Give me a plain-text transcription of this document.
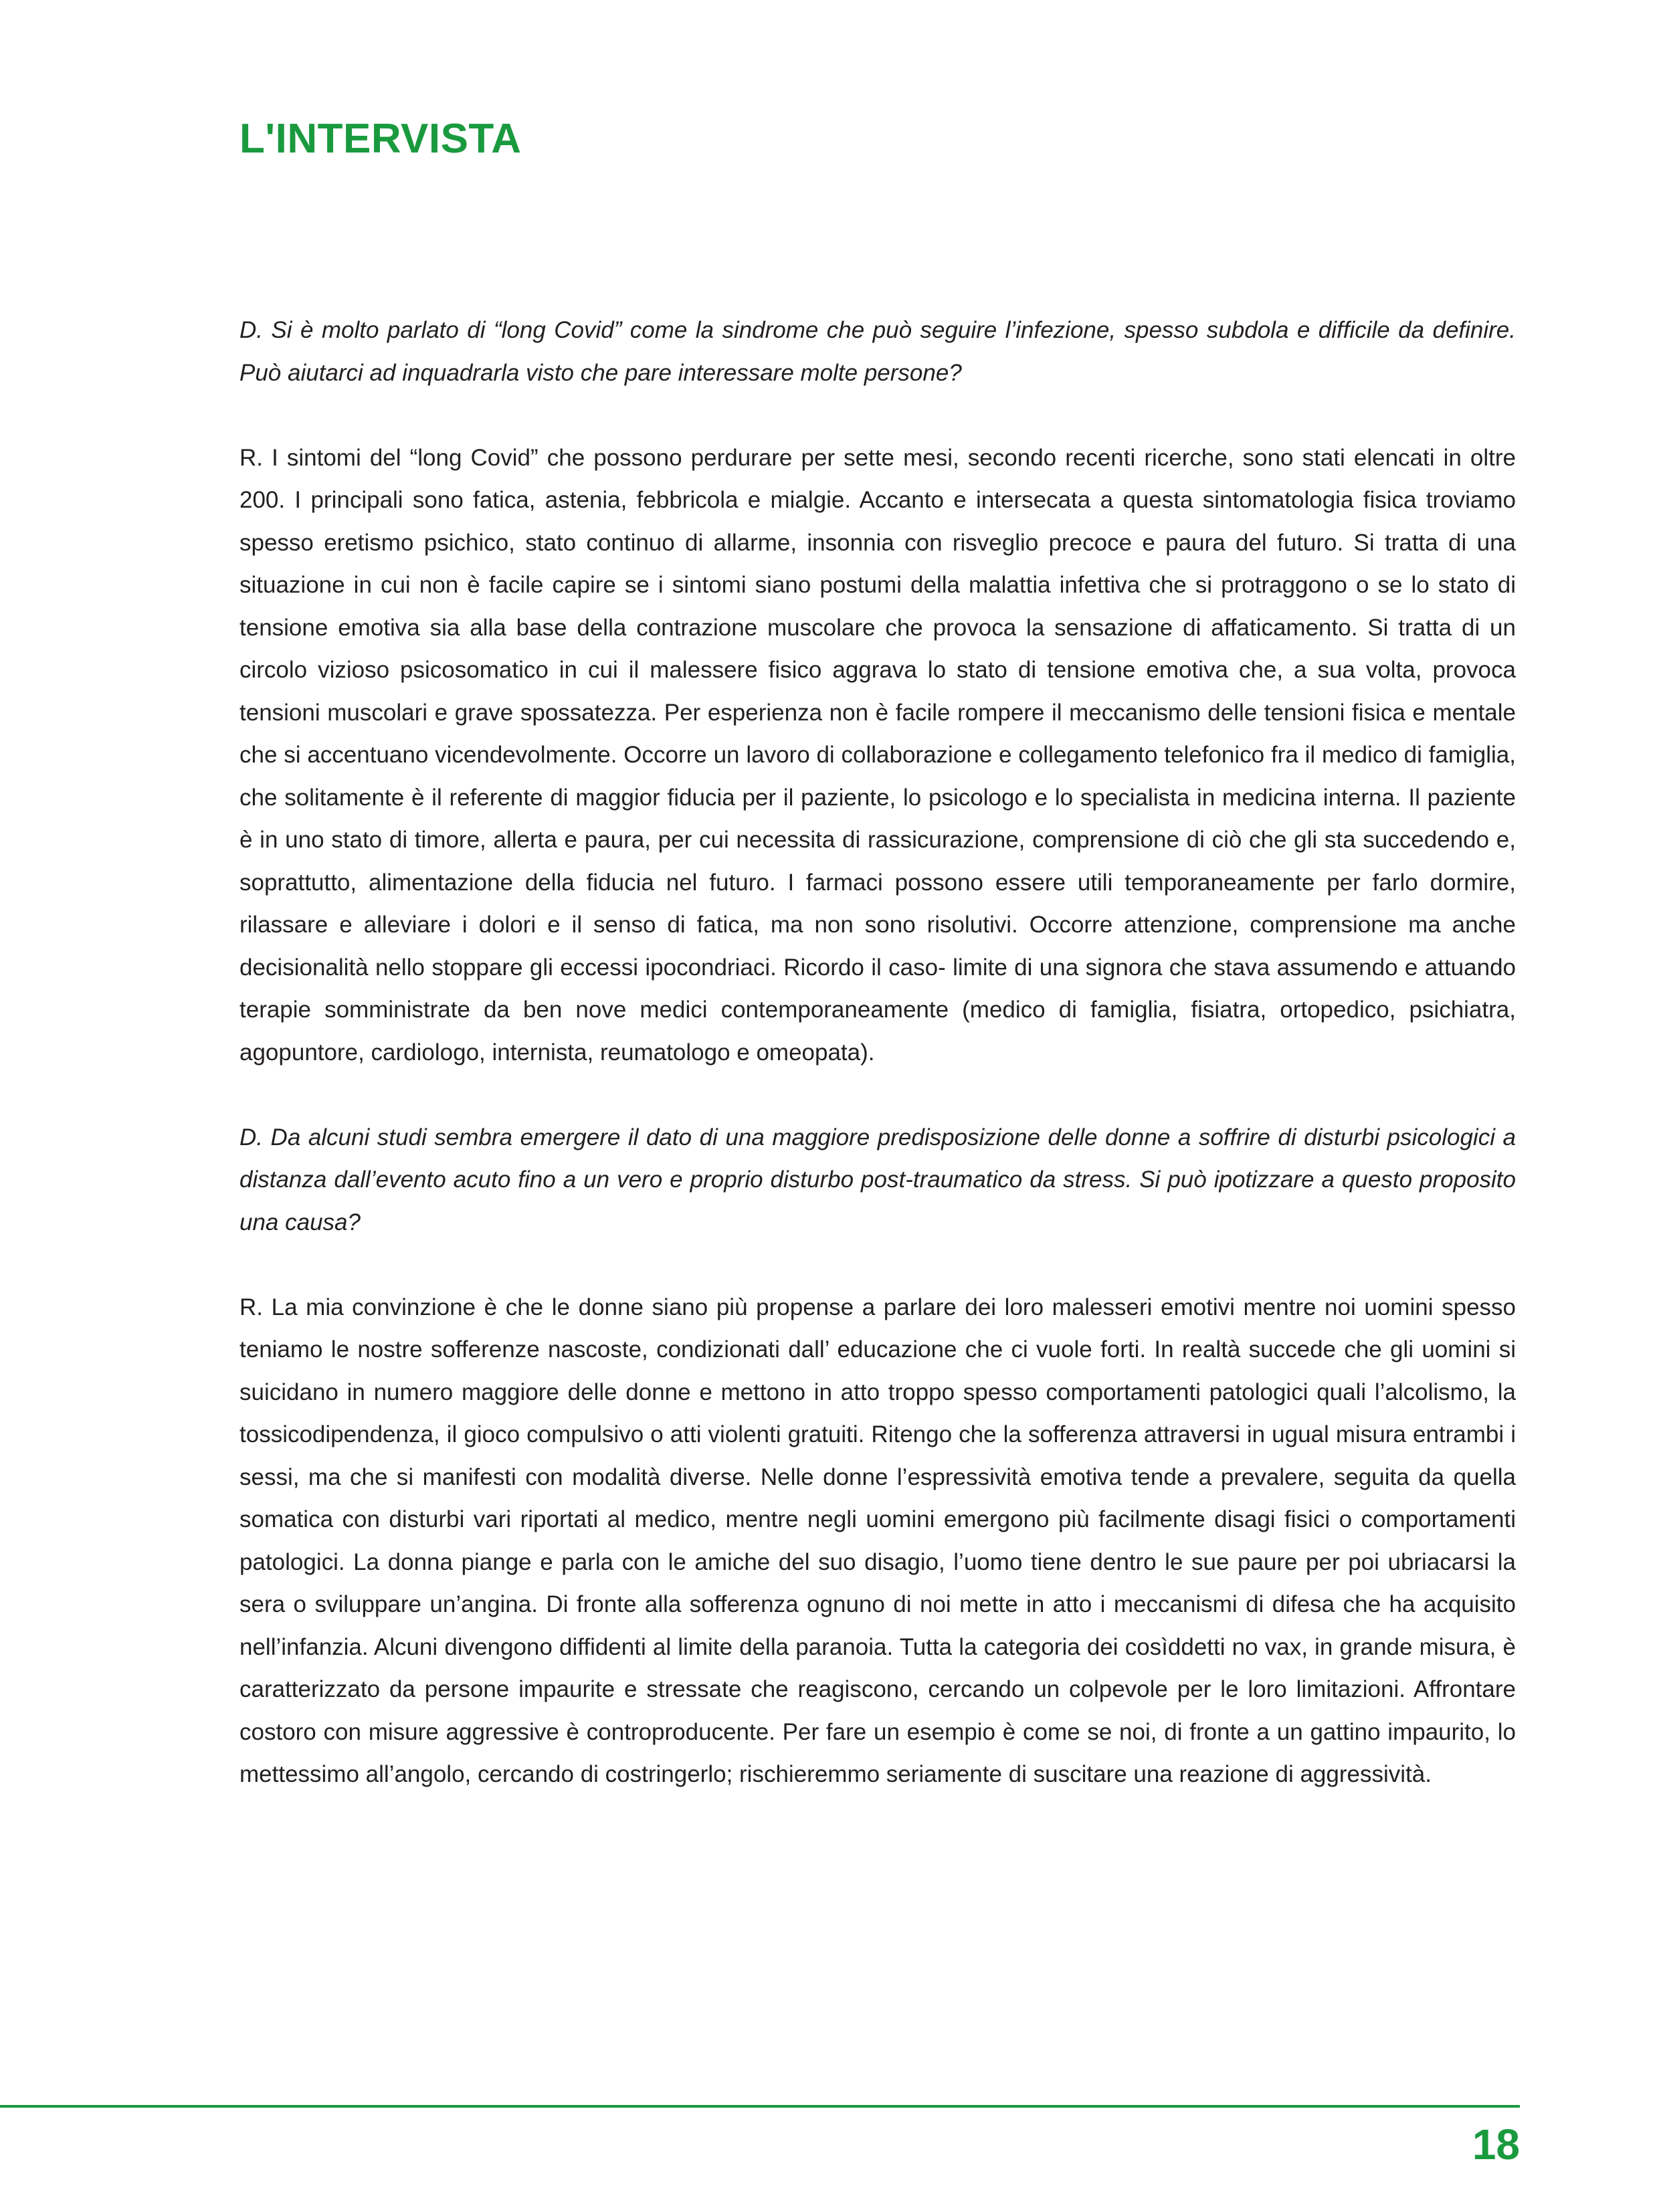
L'INTERVISTA

D. Si è molto parlato di “long Covid” come la sindrome che può seguire l’infezione, spesso subdola e difficile da definire. Può aiutarci ad inquadrarla visto che pare interessare molte persone?

R. I sintomi del “long Covid” che possono perdurare per sette mesi, secondo recenti ricerche, sono stati elencati in oltre 200. I principali sono fatica, astenia, febbricola e mialgie. Accanto e intersecata a questa sintomatologia fisica troviamo spesso eretismo psichico, stato continuo di allarme, insonnia con risveglio precoce e paura del futuro. Si tratta di una situazione in cui non è facile capire se i sintomi siano postumi della malattia infettiva che si protraggono o se lo stato di tensione emotiva sia alla base della contrazione muscolare che provoca la sensazione di affaticamento. Si tratta di un circolo vizioso psicosomatico in cui il malessere fisico aggrava lo stato di tensione emotiva che, a sua volta, provoca tensioni muscolari e grave spossatezza. Per esperienza non è facile rompere il meccanismo delle tensioni fisica e mentale che si accentuano vicendevolmente. Occorre un lavoro di collaborazione e collegamento telefonico fra il medico di famiglia, che solitamente è il referente di maggior fiducia per il paziente, lo psicologo e lo specialista in medicina interna. Il paziente è in uno stato di timore, allerta e paura, per cui necessita di rassicurazione, comprensione di ciò che gli sta succedendo e, soprattutto, alimentazione della fiducia nel futuro. I farmaci possono essere utili temporaneamente per farlo dormire, rilassare e alleviare i dolori e il senso di fatica, ma non sono risolutivi. Occorre attenzione, comprensione ma anche decisionalità nello stoppare gli eccessi ipocondriaci. Ricordo il caso- limite di una signora che stava assumendo e attuando terapie somministrate da ben nove medici contemporaneamente (medico di famiglia, fisiatra, ortopedico, psichiatra, agopuntore, cardiologo, internista, reumatologo e omeopata).

D. Da alcuni studi sembra emergere il dato di una maggiore predisposizione delle donne a soffrire di disturbi psicologici a distanza dall’evento acuto fino a un vero e proprio disturbo post-traumatico da stress. Si può ipotizzare a questo proposito una causa?

R. La mia convinzione è che le donne siano più propense a parlare dei loro malesseri emotivi mentre noi uomini spesso teniamo le nostre sofferenze nascoste, condizionati dall’ educazione che ci vuole forti. In realtà succede che gli uomini si suicidano in numero maggiore delle donne e mettono in atto troppo spesso comportamenti patologici quali l’alcolismo, la tossicodipendenza, il gioco compulsivo o atti violenti gratuiti. Ritengo che la sofferenza attraversi in ugual misura entrambi i sessi, ma che si manifesti con modalità diverse. Nelle donne l’espressività emotiva tende a prevalere, seguita da quella somatica con disturbi vari riportati al medico, mentre negli uomini emergono più facilmente disagi fisici o comportamenti patologici. La donna piange e parla con le amiche del suo disagio, l’uomo tiene dentro le sue paure per poi ubriacarsi la sera o sviluppare un’angina. Di fronte alla sofferenza ognuno di noi mette in atto i meccanismi di difesa che ha acquisito nell’infanzia. Alcuni divengono diffidenti al limite della paranoia. Tutta la categoria dei cosìddetti no vax, in grande misura, è caratterizzato da persone impaurite e stressate che reagiscono, cercando un colpevole per le loro limitazioni. Affrontare costoro con misure aggressive è controproducente. Per fare un esempio è come se noi, di fronte a un gattino impaurito, lo mettessimo all’angolo, cercando di costringerlo; rischieremmo seriamente di suscitare una reazione di aggressività.

18
